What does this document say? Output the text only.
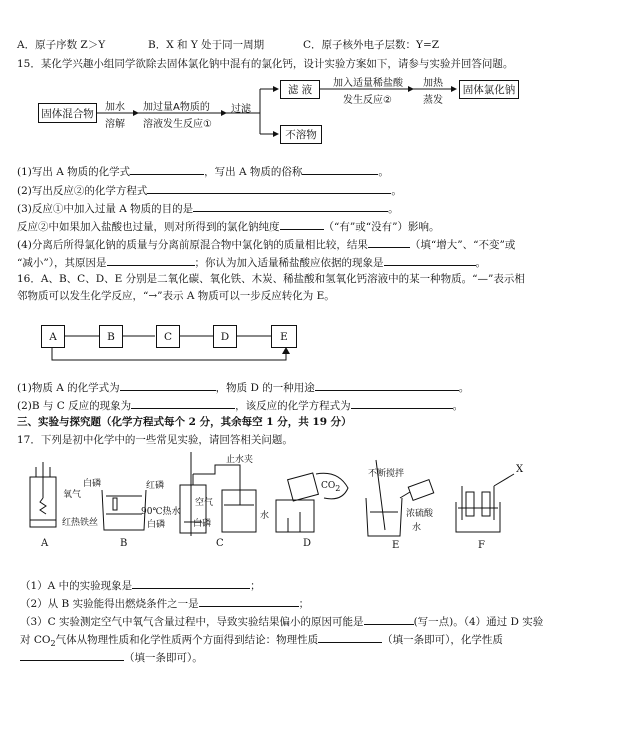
A．原子序数 Z＞Y	B．X 和 Y 处于同一周期	C．原子核外电子层数：Y=Z
15．某化学兴趣小组同学欲除去固体氯化钠中混有的氯化钙，设计实验方案如下，请参与实验并回答问题。
固体混合物	加水
溶解
加过量A物质的
溶液发生反应①
过滤
滤 液
不溶物
加入适量稀盐酸
发生反应②
加热
蒸发
固体氯化钠
(1)写出 A 物质的化学式	，写出 A 物质的俗称	。
(2)写出反应②的化学方程式	。
(3)反应①中加入过量 A 物质的目的是	。
反应②中如果加入盐酸也过量，则对所得到的氯化钠纯度	（“有”或“没有”）影响。
(4)分离后所得氯化钠的质量与分离前原混合物中氯化钠的质量相比较，结果	（填“增大”、“不变”或
“减小”），其原因是	；你认为加入适量稀盐酸应依据的现象是	。
16．A、B、C、D、E 分别是二氧化碳、氧化铁、木炭、稀盐酸和氢氧化钙溶液中的某一种物质。“—”表示相
邻物质可以发生化学反应，“→”表示 A 物质可以一步反应转化为 E。
A	B	C	D	E
(1)物质 A 的化学式为	，物质 D 的一种用途	。
(2)B 与 C 反应的现象为	，该反应的化学方程式为	。
三、实验与探究题（化学方程式每个 2 分，其余每空 1 分，共 19 分）
17．下列是初中化学中的一些常见实验，请回答相关问题。
氧气
红热铁丝
白磷	红磷
90℃热水
白磷
止水夹
空气
白磷
水
$CO_2$
不断搅拌
浓硫酸
水
X
A	B	C	D	E	F
（1）A 中的实验现象是	；
（2）从 B 实验能得出燃烧条件之一是	；
（3）C 实验测定空气中氧气含量过程中，导致实验结果偏小的原因可能是	(写一点)。（4）通过 D 实验
对 $CO_2$气体从物理性质和化学性质两个方面得到结论：物理性质	（填一条即可），化学性质
（填一条即可）。
